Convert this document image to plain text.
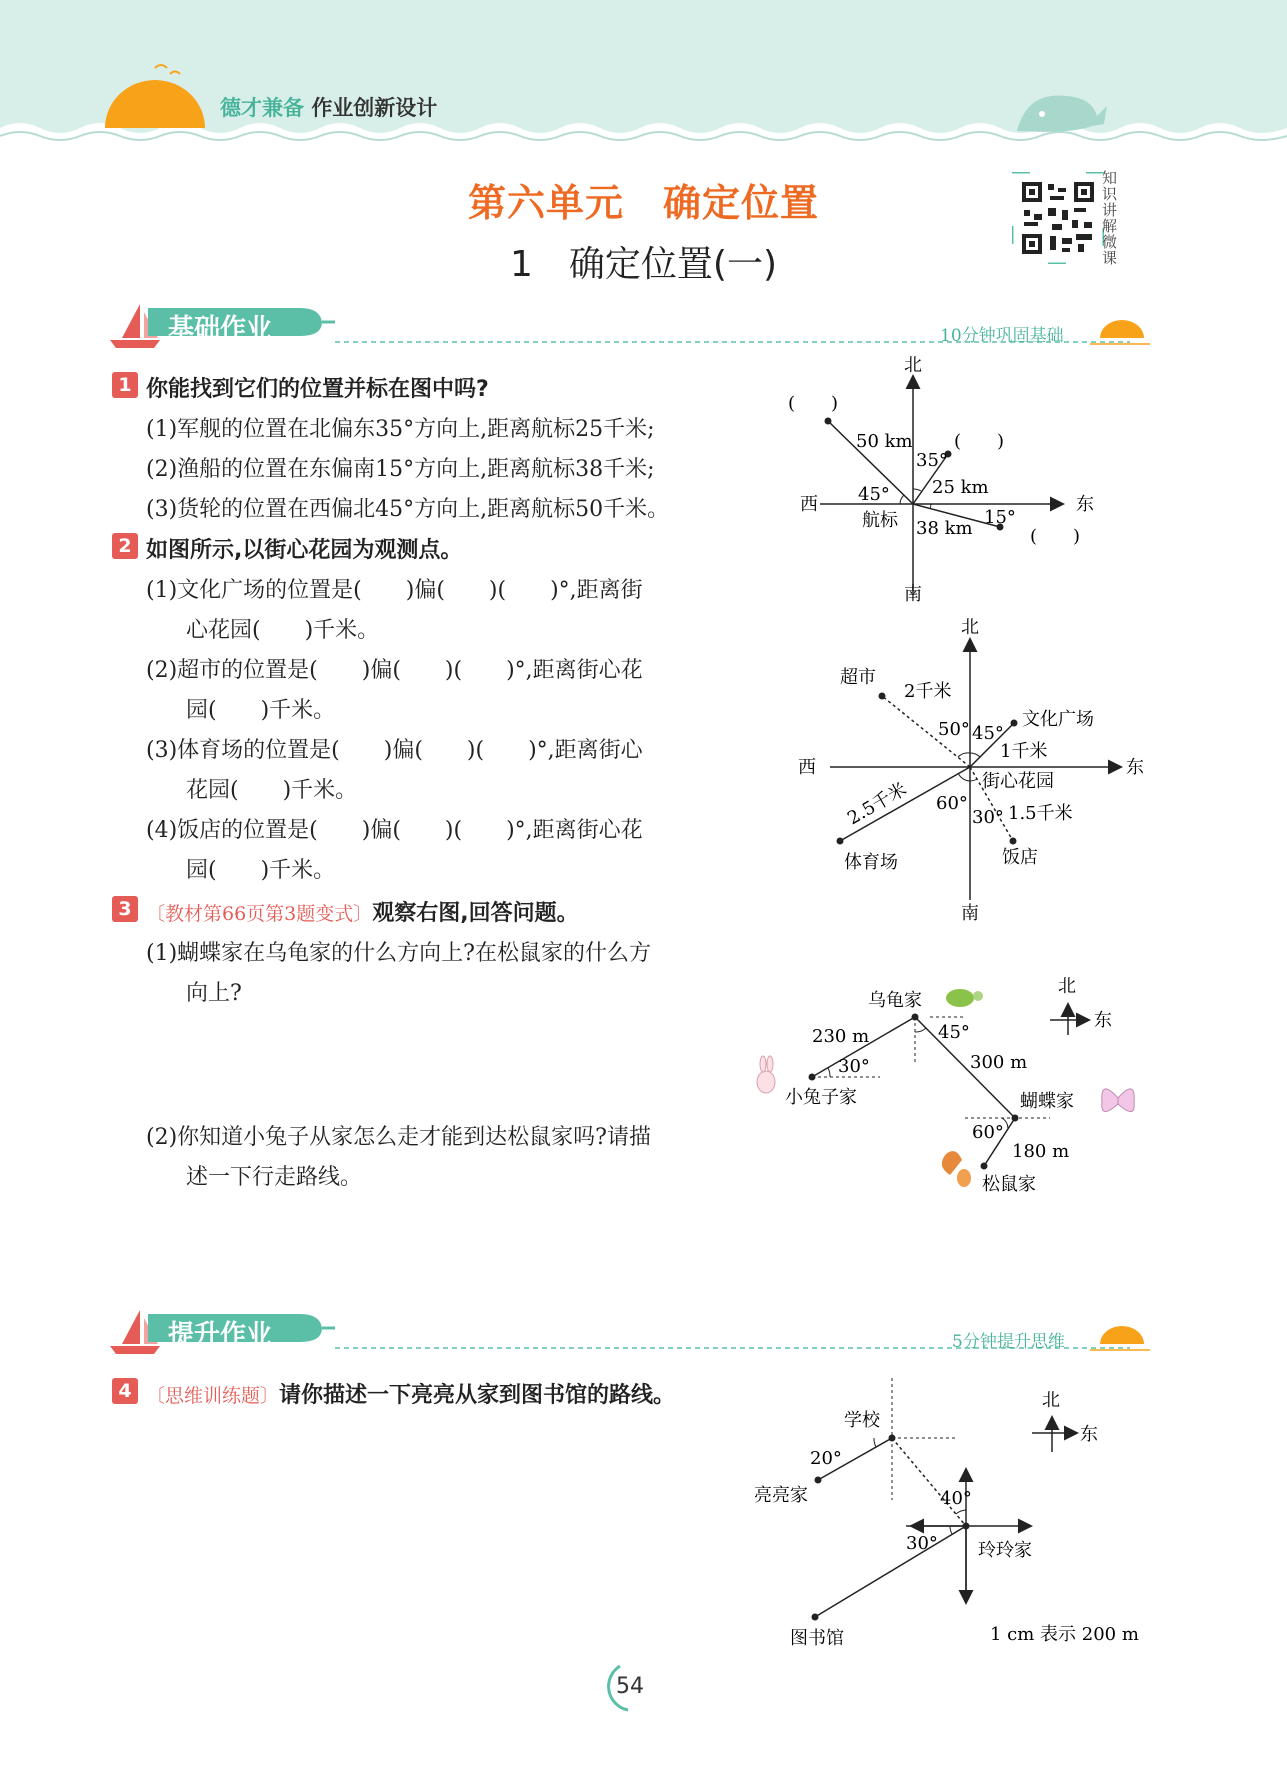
德才兼备 作业创新设计
第六单元　确定位置
1　确定位置(一)
知识讲解微课
基础作业	10分钟巩固基础
1 你能找到它们的位置并标在图中吗?
(1)军舰的位置在北偏东35°方向上,距离航标25千米;
(2)渔船的位置在东偏南15°方向上,距离航标38千米;
(3)货轮的位置在西偏北45°方向上,距离航标50千米。
2 如图所示,以街心花园为观测点。
(1)文化广场的位置是(　　)偏(　　)(　　)°,距离街
心花园(　　)千米。
(2)超市的位置是(　　)偏(　　)(　　)°,距离街心花
园(　　)千米。
(3)体育场的位置是(　　)偏(　　)(　　)°,距离街心
花园(　　)千米。
(4)饭店的位置是(　　)偏(　　)(　　)°,距离街心花
园(　　)千米。
3 〔教材第66页第3题变式〕观察右图,回答问题。
(1)蝴蝶家在乌龟家的什么方向上?在松鼠家的什么方
向上?
(2)你知道小兔子从家怎么走才能到达松鼠家吗?请描
述一下行走路线。
北
南
东
西
航标
50 km
25 km
38 km
35°
45°
15°
(　　)
(　　)
(　　)
北
南
东
西
街心花园
超市
文化广场
体育场	饭店
2千米
1千米
2.5千米	1.5千米
50° 45°
60°
30°
北
东
乌龟家
小兔子家	蝴蝶家
松鼠家
230 m
300 m
180 m
30°
45°
60°
提升作业	5分钟提升思维
4 〔思维训练题〕请你描述一下亮亮从家到图书馆的路线。	北
东
学校
亮亮家
玲玲家
图书馆
20°
40°
30°
1 cm 表示 200 m
54
